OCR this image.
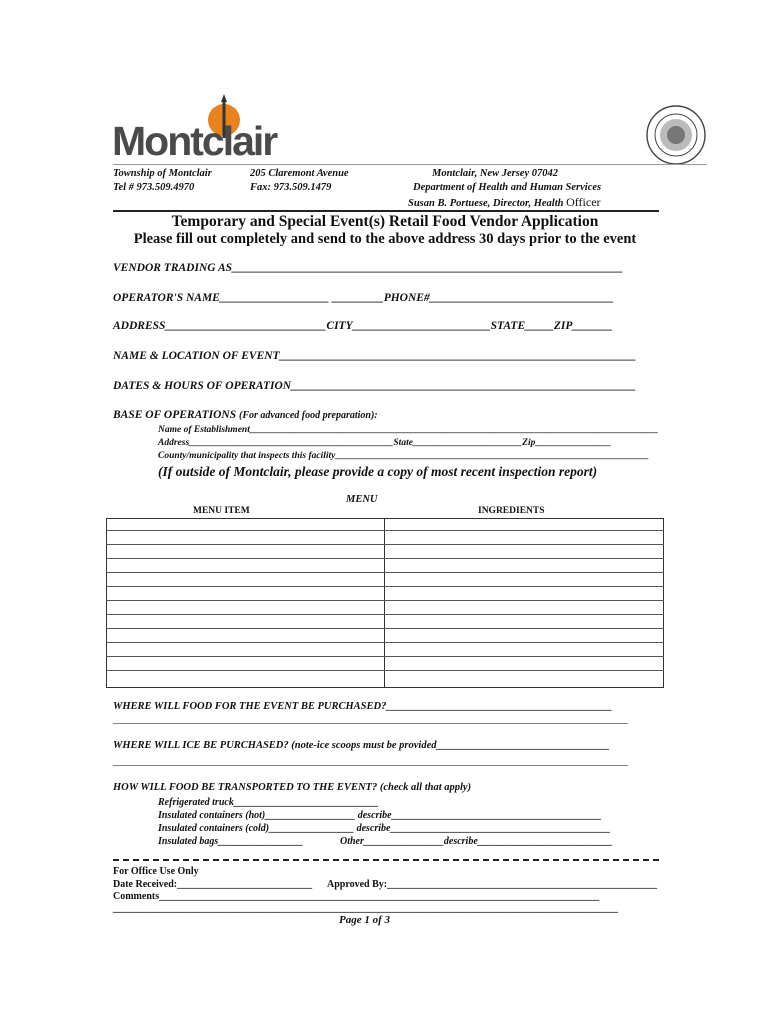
Montclair
Township of Montclair
Tel # 973.509.4970
205 Claremont Avenue
Fax: 973.509.1479
Montclair, New Jersey 07042
Department of Health and Human Services
Susan B. Portuese, Director, Health Officer
Temporary and Special Event(s) Retail Food Vendor Application
Please fill out completely and send to the above address 30 days prior to the event
VENDOR TRADING AS____________________________________________________________________
OPERATOR'S NAME___________________ _________PHONE#________________________________
ADDRESS____________________________CITY________________________STATE_____ZIP_______
NAME & LOCATION OF EVENT______________________________________________________________
DATES & HOURS OF OPERATION____________________________________________________________
BASE OF OPERATIONS (For advanced food preparation):
Name of Establishment______________________________________________________________________________________
Address___________________________________________State_______________________Zip________________
County/municipality that inspects this facility__________________________________________________________________
(If outside of Montclair, please provide a copy of most recent inspection report)
MENU
MENU ITEM	INGREDIENTS
WHERE WILL FOOD FOR THE EVENT BE PURCHASED?___________________________________________
_______________________________________________________________________________________________________
WHERE WILL ICE BE PURCHASED? (note-ice scoops must be provided_________________________________
_______________________________________________________________________________________________________
HOW WILL FOOD BE TRANSPORTED TO THE EVENT? (check all that apply)
Refrigerated truck_____________________________
Insulated containers (hot)__________________ describe__________________________________________
Insulated containers (cold)_________________ describe____________________________________________
Insulated bags_________________	Other________________describe___________________________
For Office Use Only
Date Received:___________________________ Approved By:______________________________________________________
Comments________________________________________________________________________________________
_____________________________________________________________________________________________________
Page 1 of 3
